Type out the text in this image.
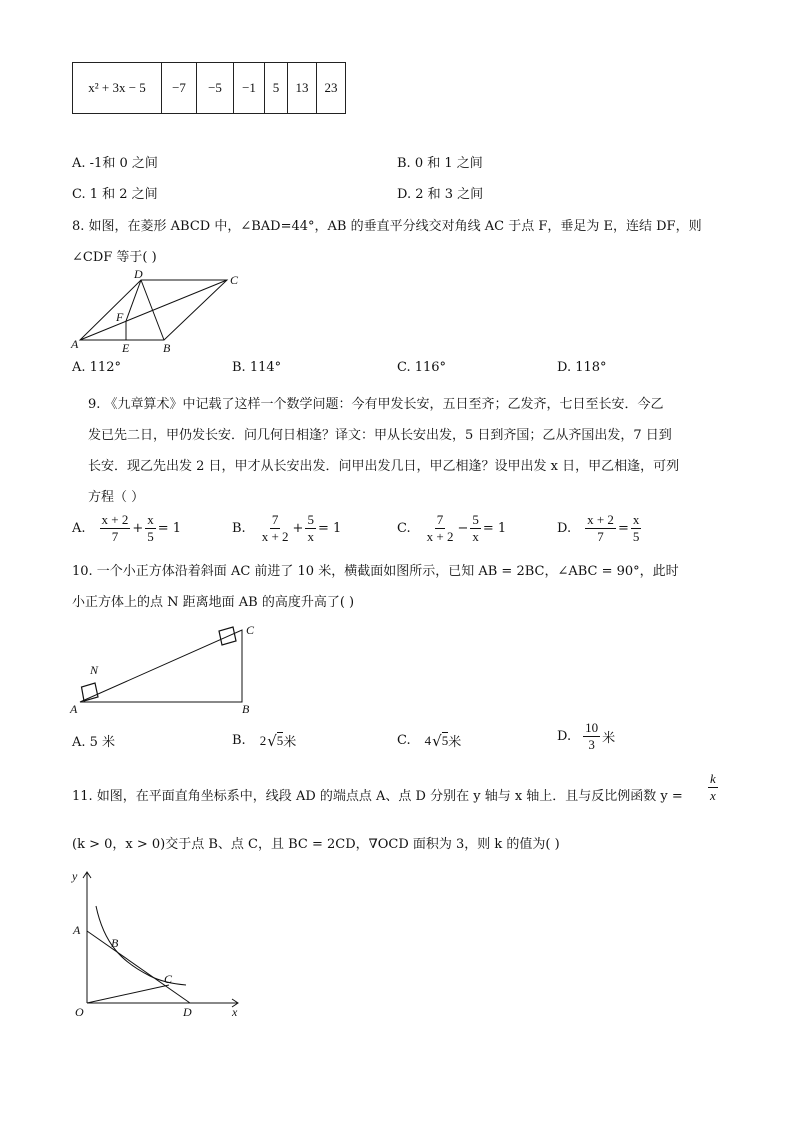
x² + 3x − 5	−7	−5	−1	5	13	23
A. -1和 0 之间	B. 0 和 1 之间
C. 1 和 2 之间	D. 2 和 3 之间
8. 如图，在菱形 ABCD 中，∠BAD=44°，AB 的垂直平分线交对角线 AC 于点 F，垂足为 E，连结 DF，则
∠CDF 等于( )
D	C
A	E	B
F
A. 112°	B. 114°	C. 116°	D. 118°
9. 《九章算术》中记载了这样一个数学问题：今有甲发长安，五日至齐；乙发齐，七日至长安．今乙
发已先二日，甲仍发长安．问几何日相逢？译文：甲从长安出发，5 日到齐国；乙从齐国出发，7 日到
长安．现乙先出发 2 日，甲才从长安出发．问甲出发几日，甲乙相逢？设甲出发 x 日，甲乙相逢，可列
方程（ ）
A. $\frac{x + 2}{7} + \frac{x}{5} = 1$	B. $\frac{7}{x + 2} + \frac{5}{x} = 1$	C. $\frac{7}{x + 2} - \frac{5}{x} = 1$	D. $\frac{x + 2}{7} = \frac{x}{5}$
10. 一个小正方体沿着斜面 AC 前进了 10 米，横截面如图所示，已知 AB = 2BC，∠ABC = 90°，此时
小正方体上的点 N 距离地面 AB 的高度升高了( )
N
A	B
C
A. 5 米	B. 2 √ 5 米	C. 4 √ 5 米	D. $\frac{10}{3}$ 米
11. 如图，在平面直角坐标系中，线段 AD 的端点点 A、点 D 分别在 y 轴与 x 轴上．且与反比例函数 $y = \frac{k}{x}$
(k > 0，x > 0)交于点 B、点 C，且 BC = 2CD，∇OCD 面积为 3，则 k 的值为( )
y
x
A
B
C
O	D
